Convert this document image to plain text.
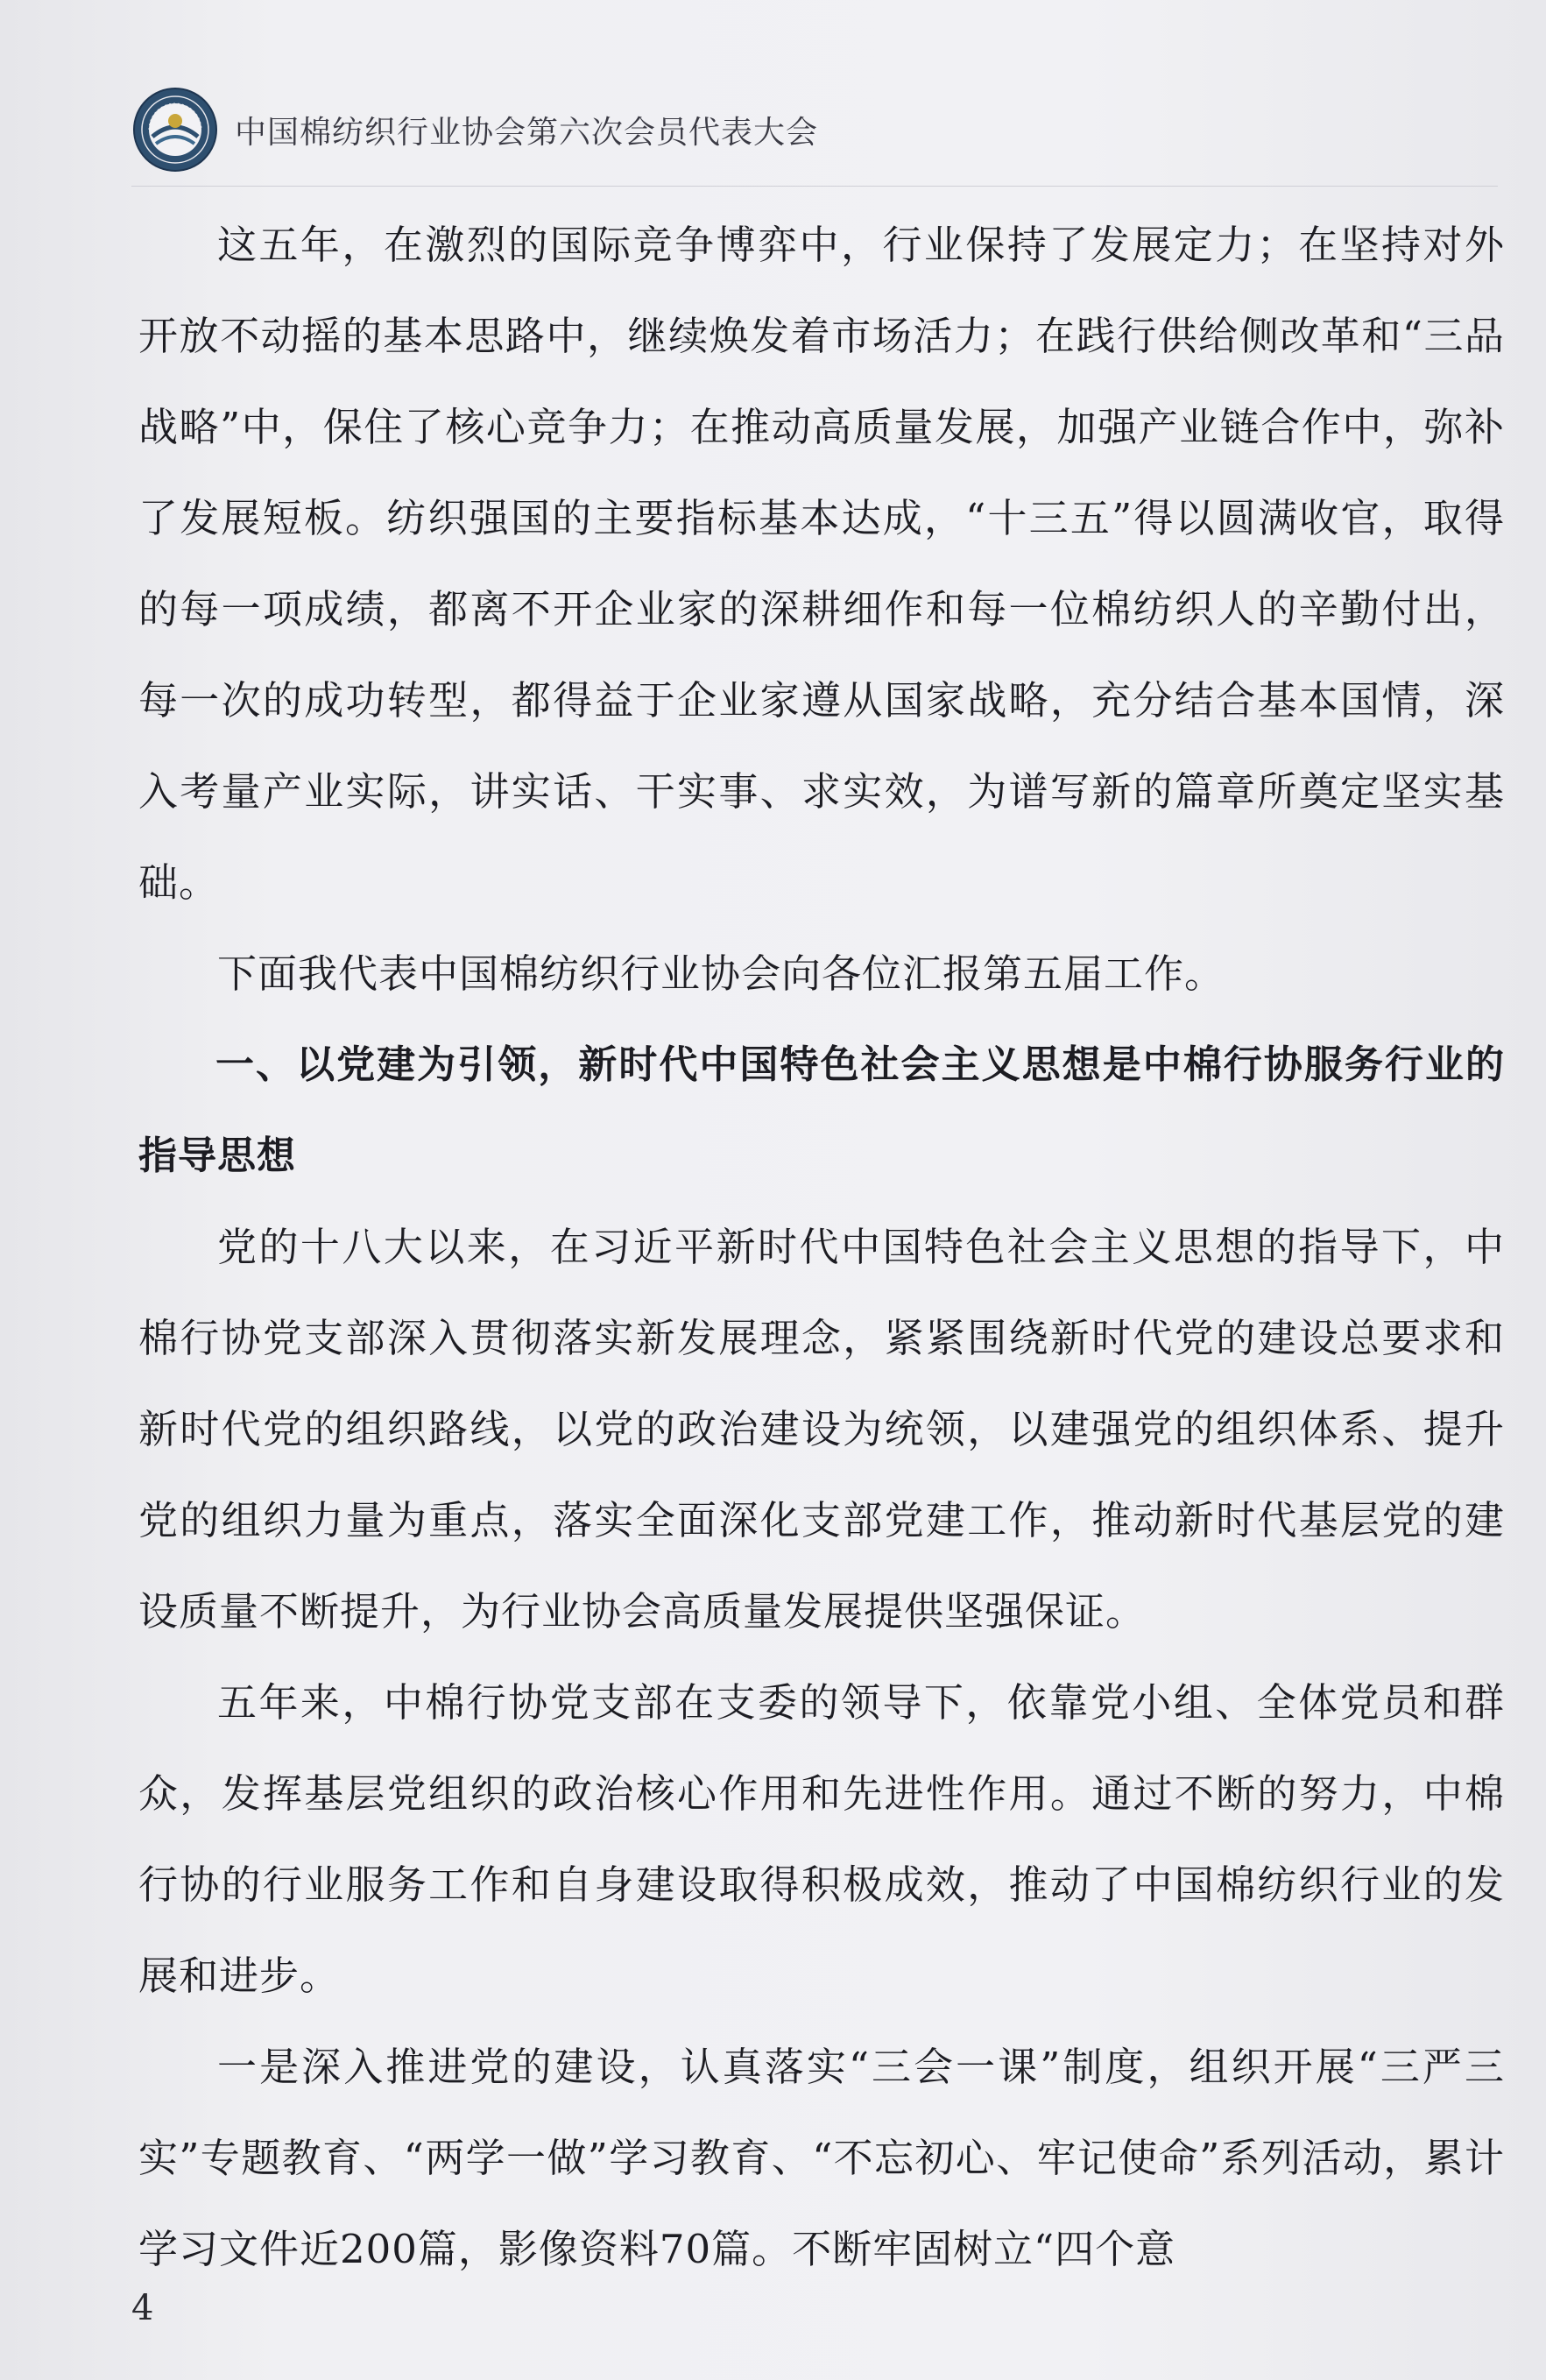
中国棉纺织行业协会第六次会员代表大会

这五年，在激烈的国际竞争博弈中，行业保持了发展定力；在坚持对外开放不动摇的基本思路中，继续焕发着市场活力；在践行供给侧改革和“三品战略”中，保住了核心竞争力；在推动高质量发展，加强产业链合作中，弥补了发展短板。纺织强国的主要指标基本达成，“十三五”得以圆满收官，取得的每一项成绩，都离不开企业家的深耕细作和每一位棉纺织人的辛勤付出，每一次的成功转型，都得益于企业家遵从国家战略，充分结合基本国情，深入考量产业实际，讲实话、干实事、求实效，为谱写新的篇章所奠定坚实基础。

下面我代表中国棉纺织行业协会向各位汇报第五届工作。

一、以党建为引领，新时代中国特色社会主义思想是中棉行协服务行业的指导思想

党的十八大以来，在习近平新时代中国特色社会主义思想的指导下，中棉行协党支部深入贯彻落实新发展理念，紧紧围绕新时代党的建设总要求和新时代党的组织路线，以党的政治建设为统领，以建强党的组织体系、提升党的组织力量为重点，落实全面深化支部党建工作，推动新时代基层党的建设质量不断提升，为行业协会高质量发展提供坚强保证。

五年来，中棉行协党支部在支委的领导下，依靠党小组、全体党员和群众，发挥基层党组织的政治核心作用和先进性作用。通过不断的努力，中棉行协的行业服务工作和自身建设取得积极成效，推动了中国棉纺织行业的发展和进步。

一是深入推进党的建设，认真落实“三会一课”制度，组织开展“三严三实”专题教育、“两学一做”学习教育、“不忘初心、牢记使命”系列活动，累计学习文件近200篇，影像资料70篇。不断牢固树立“四个意

4
